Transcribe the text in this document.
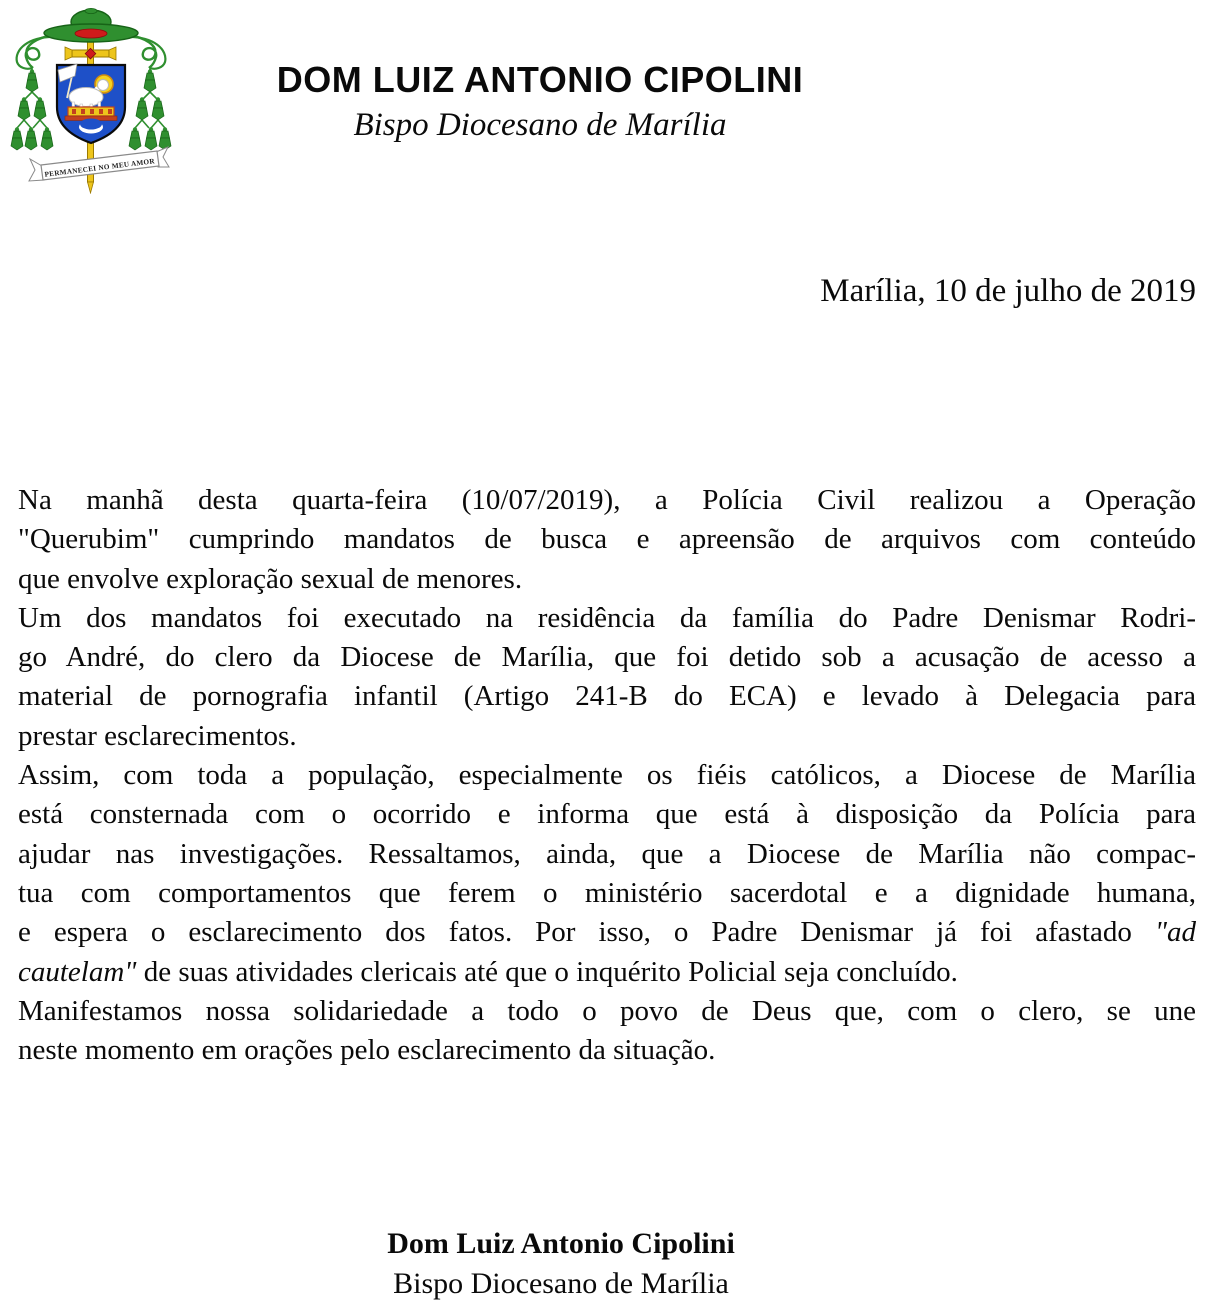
PERMANECEI NO MEU AMOR
DOM LUIZ ANTONIO CIPOLINI
Bispo Diocesano de Marília
Marília, 10 de julho de 2019
Na manhã desta quarta-feira (10/07/2019), a Polícia Civil realizou a Operação
"Querubim" cumprindo mandatos de busca e apreensão de arquivos com conteúdo
que envolve exploração sexual de menores.
Um dos mandatos foi executado na residência da família do Padre Denismar Rodri-
go André, do clero da Diocese de Marília, que foi detido sob a acusação de acesso a
material de pornografia infantil (Artigo 241-B do ECA) e levado à Delegacia para
prestar esclarecimentos.
Assim, com toda a população, especialmente os fiéis católicos, a Diocese de Marília
está consternada com o ocorrido e informa que está à disposição da Polícia para
ajudar nas investigações. Ressaltamos, ainda, que a Diocese de Marília não compac-
tua com comportamentos que ferem o ministério sacerdotal e a dignidade humana,
e espera o esclarecimento dos fatos. Por isso, o Padre Denismar já foi afastado "ad
cautelam" de suas atividades clericais até que o inquérito Policial seja concluído.
Manifestamos nossa solidariedade a todo o povo de Deus que, com o clero, se une
neste momento em orações pelo esclarecimento da situação.
Dom Luiz Antonio Cipolini
Bispo Diocesano de Marília
